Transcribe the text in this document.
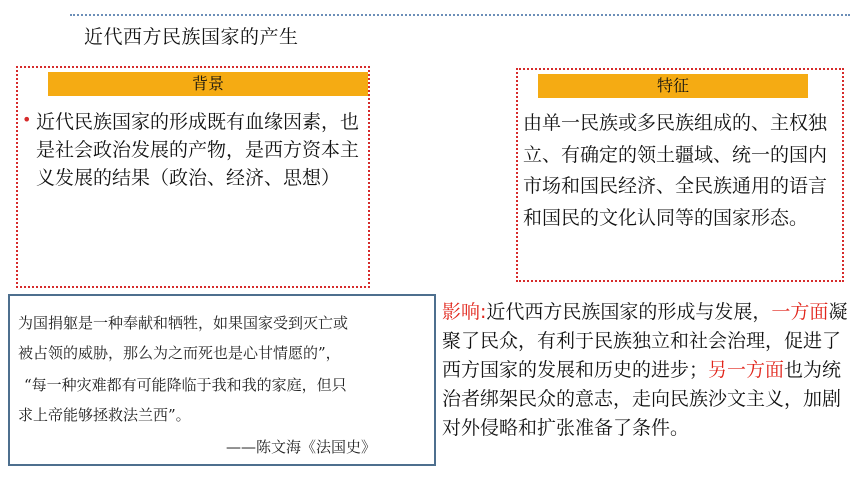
近代西方民族国家的产生
背景
• 近代民族国家的形成既有血缘因素，也是社会政治发展的产物，是西方资本主义发展的结果（政治、经济、思想）
特征
由单一民族或多民族组成的、主权独立、有确定的领土疆域、统一的国内市场和国民经济、全民族通用的语言和国民的文化认同等的国家形态。
为国捐躯是一种奉献和牺牲，如果国家受到灭亡或
被占领的威胁，那么为之而死也是心甘情愿的”，
“每一种灾难都有可能降临于我和我的家庭，但只
求上帝能够拯救法兰西”。
——陈文海《法国史》
影响:近代西方民族国家的形成与发展，一方面凝聚了民众，有利于民族独立和社会治理，促进了西方国家的发展和历史的进步；另一方面也为统治者绑架民众的意志，走向民族沙文主义，加剧对外侵略和扩张准备了条件。
